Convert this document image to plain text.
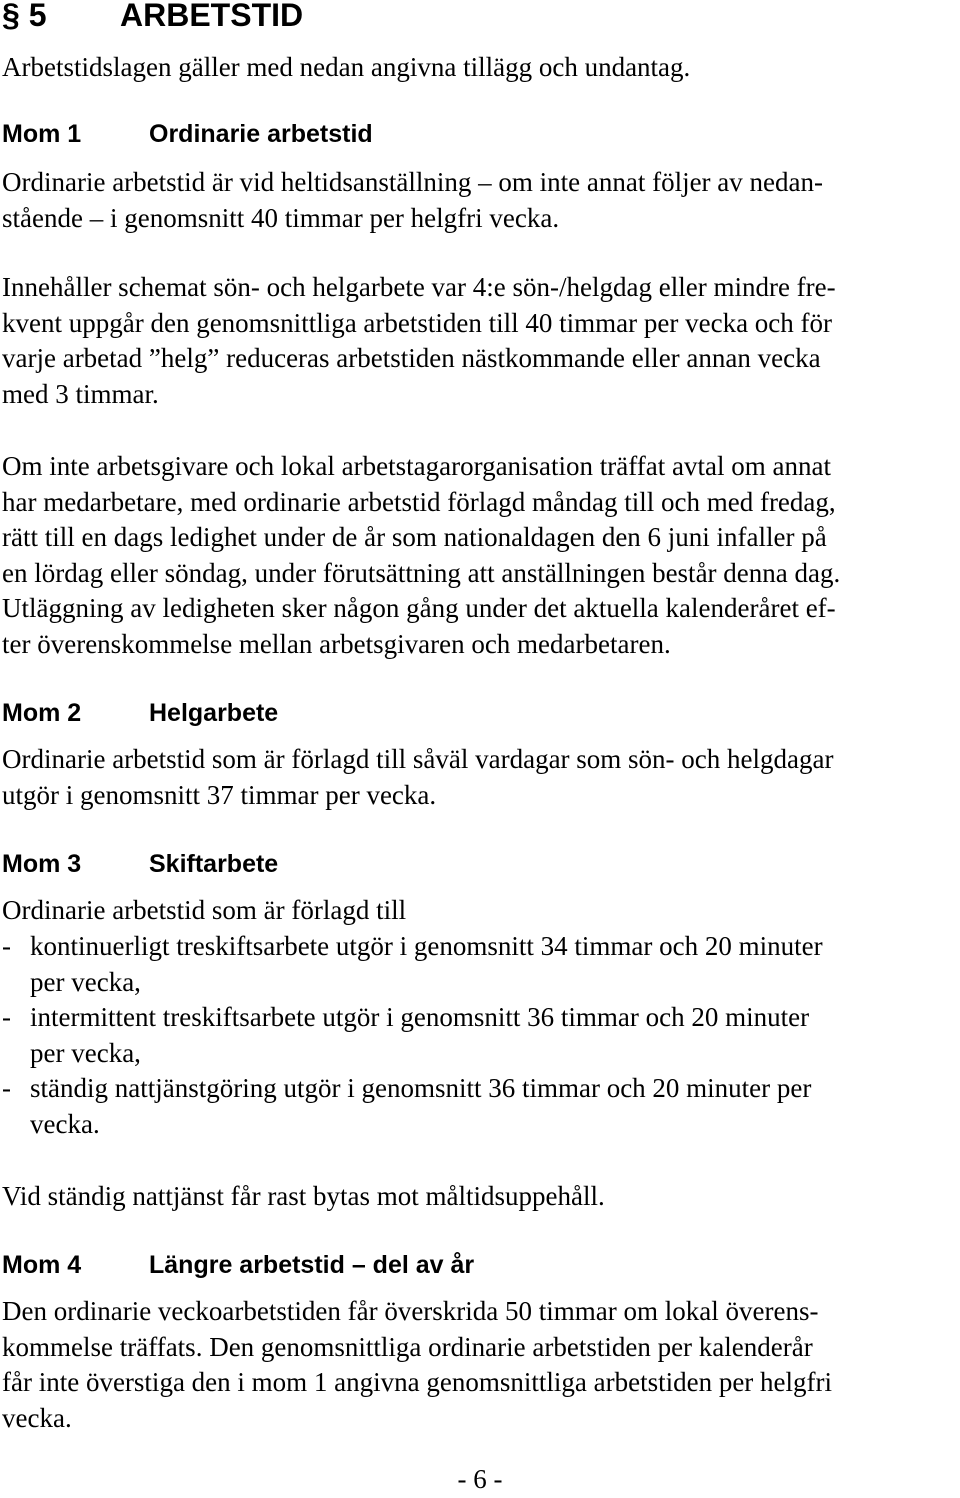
§ 5 ARBETSTID
Arbetstidslagen gäller med nedan angivna tillägg och undantag.
Mom 1	Ordinarie arbetstid
Ordinarie arbetstid är vid heltidsanställning – om inte annat följer av nedan-
stående – i genomsnitt 40 timmar per helgfri vecka.
Innehåller schemat sön- och helgarbete var 4:e sön-/helgdag eller mindre fre-
kvent uppgår den genomsnittliga arbetstiden till 40 timmar per vecka och för
varje arbetad ”helg” reduceras arbetstiden nästkommande eller annan vecka
med 3 timmar.
Om inte arbetsgivare och lokal arbetstagarorganisation träffat avtal om annat
har medarbetare, med ordinarie arbetstid förlagd måndag till och med fredag,
rätt till en dags ledighet under de år som nationaldagen den 6 juni infaller på
en lördag eller söndag, under förutsättning att anställningen består denna dag.
Utläggning av ledigheten sker någon gång under det aktuella kalenderåret ef-
ter överenskommelse mellan arbetsgivaren och medarbetaren.
Mom 2	Helgarbete
Ordinarie arbetstid som är förlagd till såväl vardagar som sön- och helgdagar
utgör i genomsnitt 37 timmar per vecka.
Mom 3	Skiftarbete
Ordinarie arbetstid som är förlagd till
- kontinuerligt treskiftsarbete utgör i genomsnitt 34 timmar och 20 minuter
per vecka,
- intermittent treskiftsarbete utgör i genomsnitt 36 timmar och 20 minuter
per vecka,
- ständig nattjänstgöring utgör i genomsnitt 36 timmar och 20 minuter per
vecka.
Vid ständig nattjänst får rast bytas mot måltidsuppehåll.
Mom 4	Längre arbetstid – del av år
Den ordinarie veckoarbetstiden får överskrida 50 timmar om lokal överens-
kommelse träffats. Den genomsnittliga ordinarie arbetstiden per kalenderår
får inte överstiga den i mom 1 angivna genomsnittliga arbetstiden per helgfri
vecka.
- 6 -
